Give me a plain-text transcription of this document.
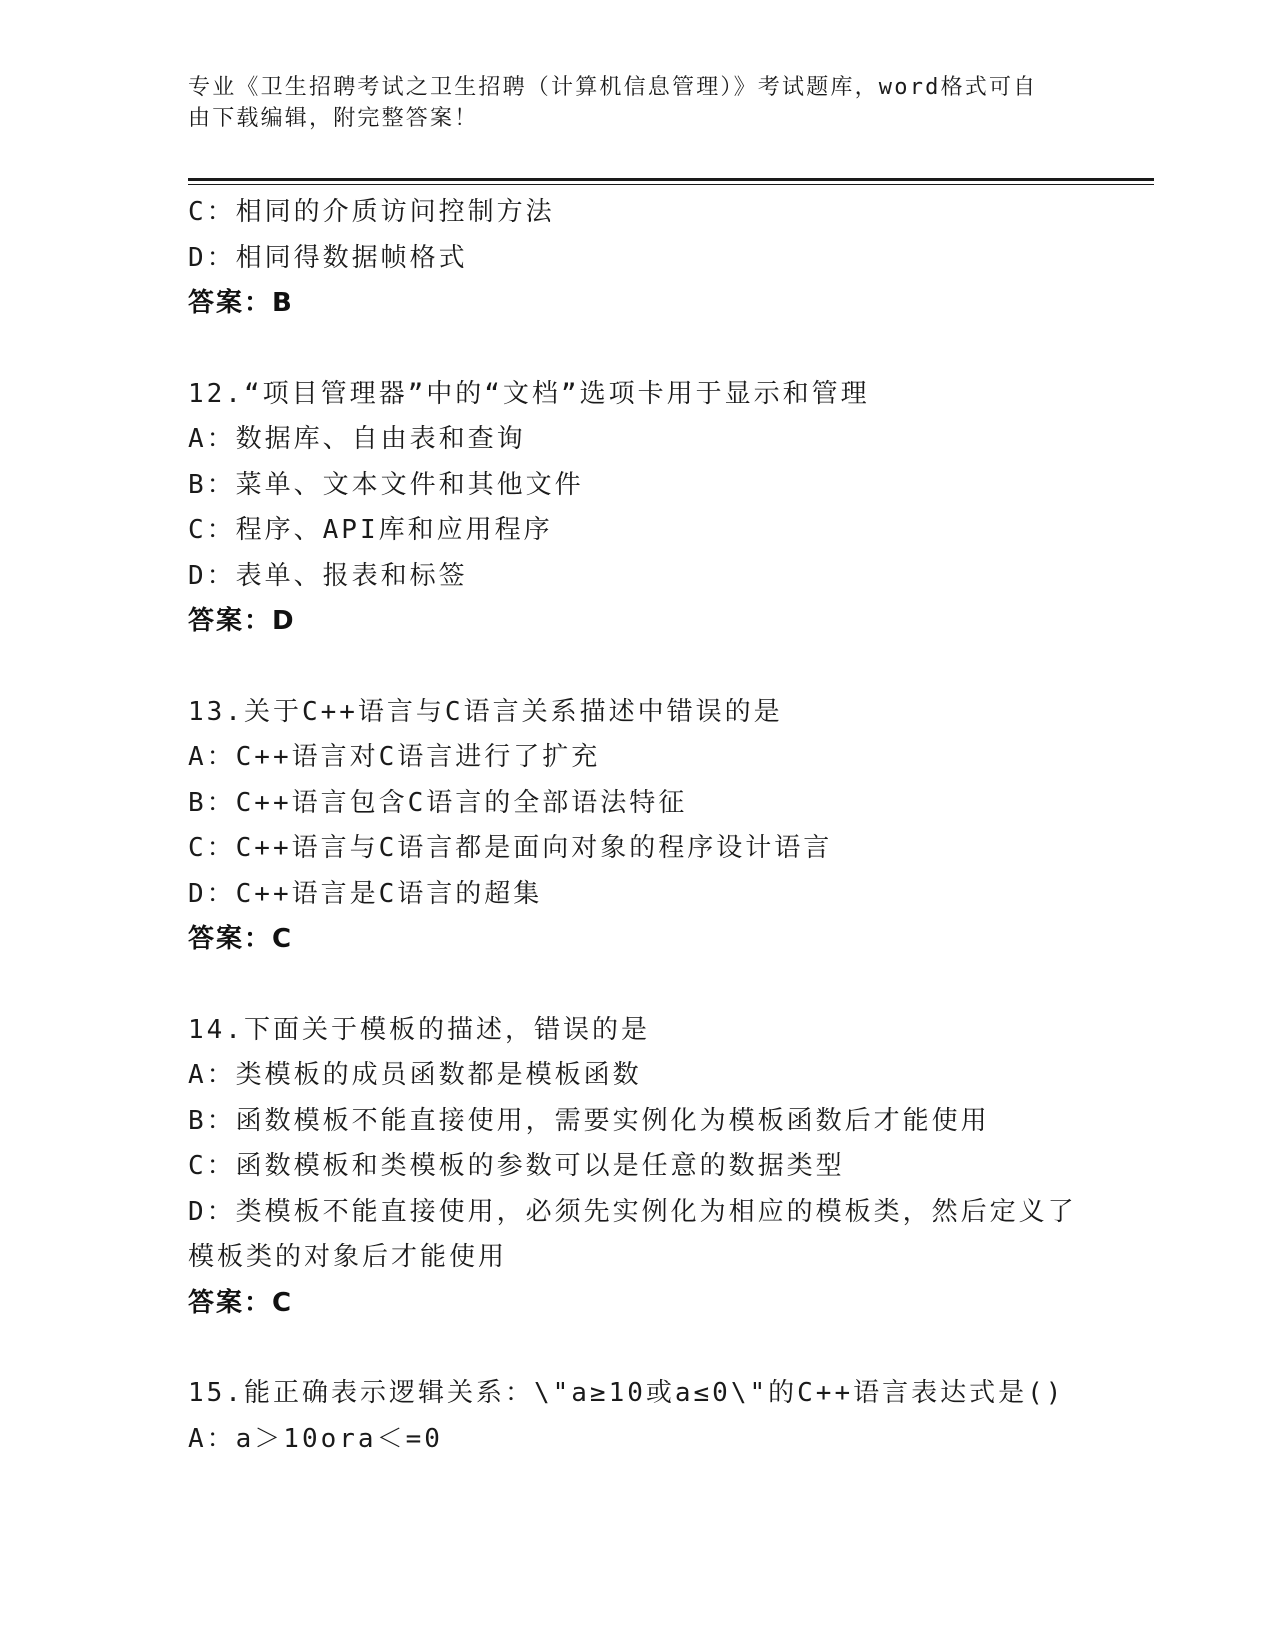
专业《卫生招聘考试之卫生招聘（计算机信息管理）》考试题库，word格式可自
由下载编辑，附完整答案！
C：相同的介质访问控制方法
D：相同得数据帧格式
答案：B
12.“项目管理器”中的“文档”选项卡用于显示和管理
A：数据库、自由表和查询
B：菜单、文本文件和其他文件
C：程序、API库和应用程序
D：表单、报表和标签
答案：D
13.关于C++语言与C语言关系描述中错误的是
A：C++语言对C语言进行了扩充
B：C++语言包含C语言的全部语法特征
C：C++语言与C语言都是面向对象的程序设计语言
D：C++语言是C语言的超集
答案：C
14.下面关于模板的描述，错误的是
A：类模板的成员函数都是模板函数
B：函数模板不能直接使用，需要实例化为模板函数后才能使用
C：函数模板和类模板的参数可以是任意的数据类型
D：类模板不能直接使用，必须先实例化为相应的模板类，然后定义了
模板类的对象后才能使用
答案：C
15.能正确表示逻辑关系：\"a≥10或a≤0\"的C++语言表达式是()
A：a＞10ora＜=0
